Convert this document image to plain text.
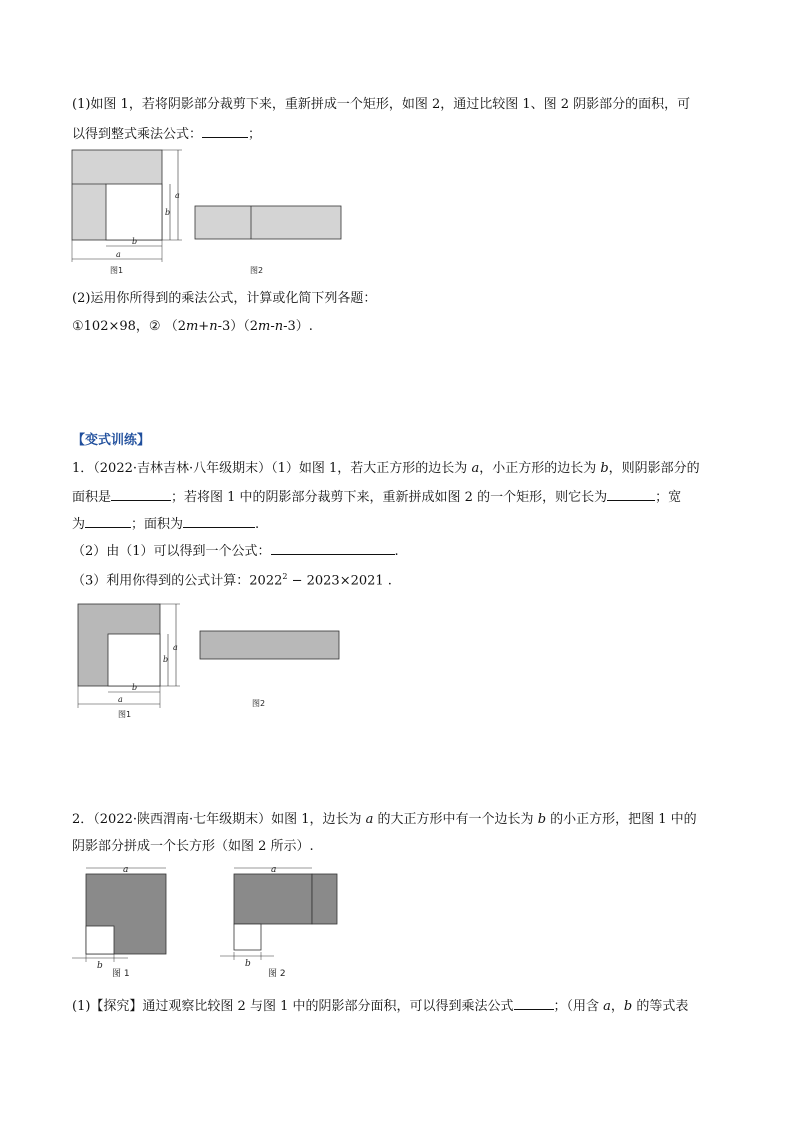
(1)如图 1，若将阴影部分裁剪下来，重新拼成一个矩形，如图 2，通过比较图 1、图 2 阴影部分的面积，可
以得到整式乘法公式：	；
a
b
b
a
图1	图2
(2)运用你所得到的乘法公式，计算或化简下列各题：
①102×98，② （2m+n-3）（2m-n-3）.
【变式训练】
1．（2022·吉林吉林·八年级期末）（1）如图 1，若大正方形的边长为 a，小正方形的边长为 b，则阴影部分的
面积是	；若将图 1 中的阴影部分裁剪下来，重新拼成如图 2 的一个矩形，则它长为	；宽
为	；面积为	.
（2）由（1）可以得到一个公式：	.
（3）利用你得到的公式计算：$2022^2 - 2023\times 2021$ .
a
b
b
a
图1
图2
2．（2022·陕西渭南·七年级期末）如图 1，边长为 a 的大正方形中有一个边长为 b 的小正方形，把图 1 中的
阴影部分拼成一个长方形（如图 2 所示）.
a
b
图 1
a
b
图 2
(1)【探究】通过观察比较图 2 与图 1 中的阴影部分面积，可以得到乘法公式	；（用含 a，b 的等式表
